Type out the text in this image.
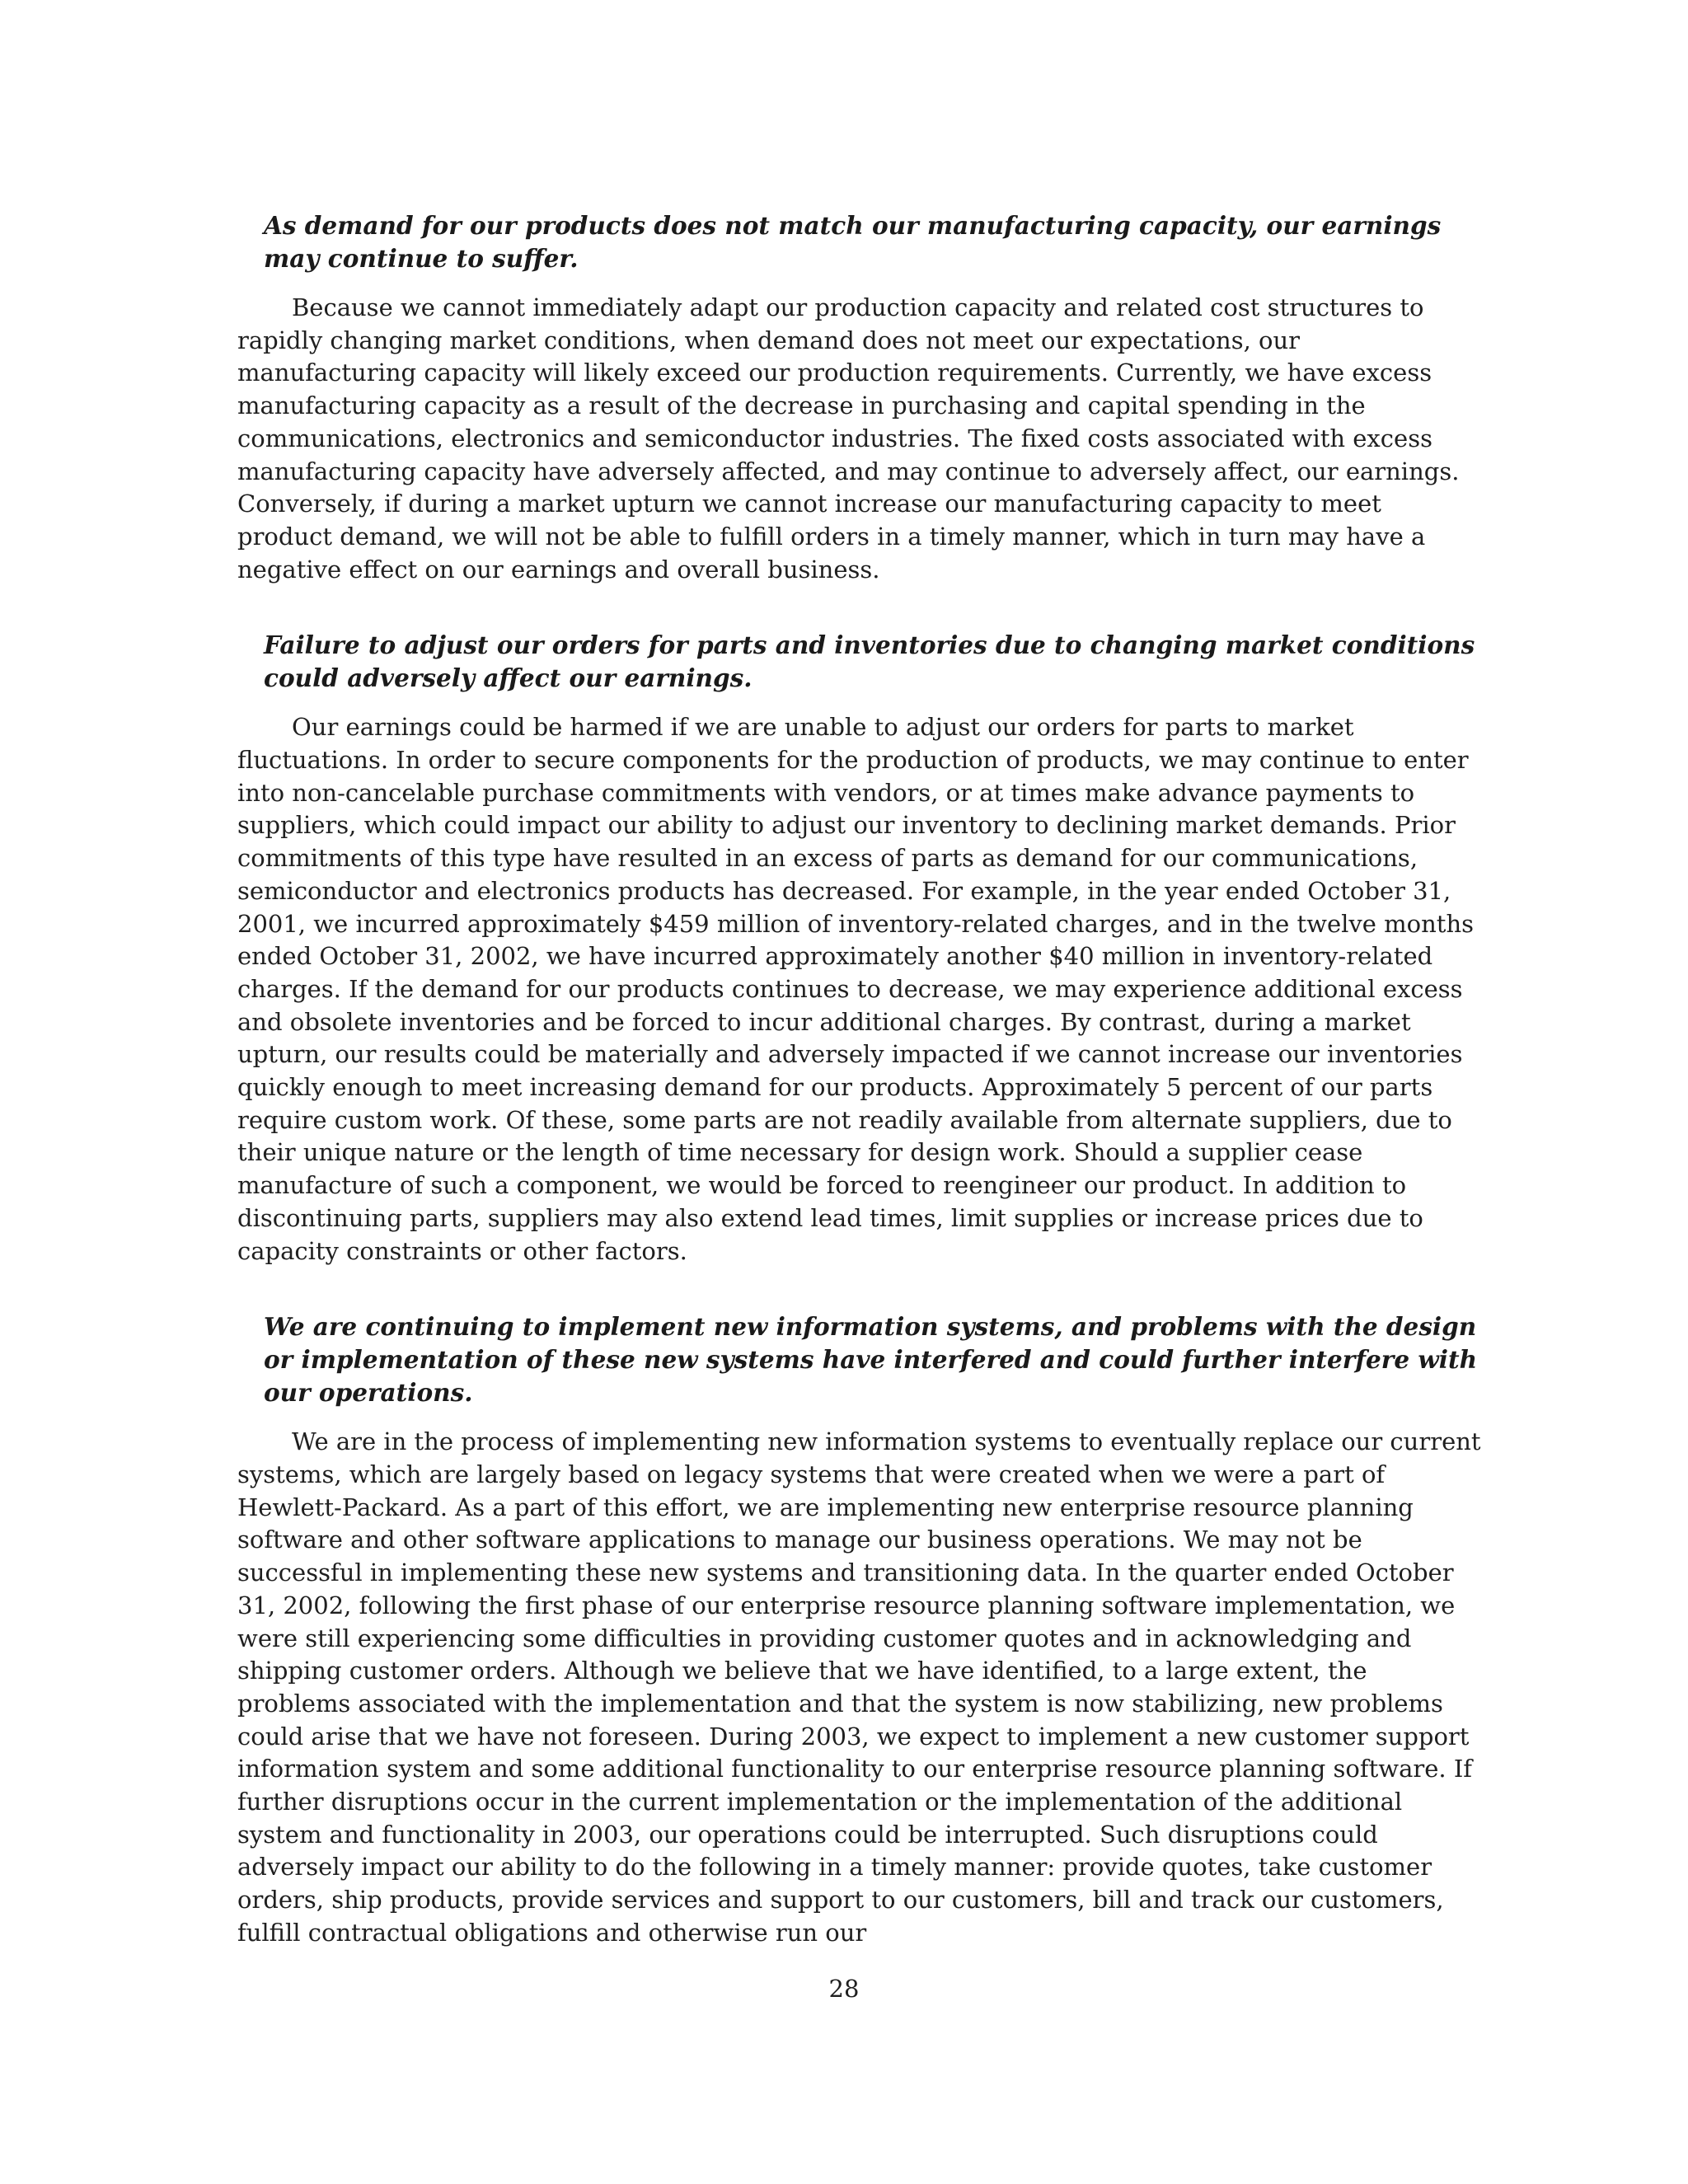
As demand for our products does not match our manufacturing capacity, our earnings may continue to suffer.

Because we cannot immediately adapt our production capacity and related cost structures to rapidly changing market conditions, when demand does not meet our expectations, our manufacturing capacity will likely exceed our production requirements. Currently, we have excess manufacturing capacity as a result of the decrease in purchasing and capital spending in the communications, electronics and semiconductor industries. The fixed costs associated with excess manufacturing capacity have adversely affected, and may continue to adversely affect, our earnings. Conversely, if during a market upturn we cannot increase our manufacturing capacity to meet product demand, we will not be able to fulfill orders in a timely manner, which in turn may have a negative effect on our earnings and overall business.

Failure to adjust our orders for parts and inventories due to changing market conditions could adversely affect our earnings.

Our earnings could be harmed if we are unable to adjust our orders for parts to market fluctuations. In order to secure components for the production of products, we may continue to enter into non-cancelable purchase commitments with vendors, or at times make advance payments to suppliers, which could impact our ability to adjust our inventory to declining market demands. Prior commitments of this type have resulted in an excess of parts as demand for our communications, semiconductor and electronics products has decreased. For example, in the year ended October 31, 2001, we incurred approximately $459 million of inventory-related charges, and in the twelve months ended October 31, 2002, we have incurred approximately another $40 million in inventory-related charges. If the demand for our products continues to decrease, we may experience additional excess and obsolete inventories and be forced to incur additional charges. By contrast, during a market upturn, our results could be materially and adversely impacted if we cannot increase our inventories quickly enough to meet increasing demand for our products. Approximately 5 percent of our parts require custom work. Of these, some parts are not readily available from alternate suppliers, due to their unique nature or the length of time necessary for design work. Should a supplier cease manufacture of such a component, we would be forced to reengineer our product. In addition to discontinuing parts, suppliers may also extend lead times, limit supplies or increase prices due to capacity constraints or other factors.

We are continuing to implement new information systems, and problems with the design or implementation of these new systems have interfered and could further interfere with our operations.

We are in the process of implementing new information systems to eventually replace our current systems, which are largely based on legacy systems that were created when we were a part of Hewlett-Packard. As a part of this effort, we are implementing new enterprise resource planning software and other software applications to manage our business operations. We may not be successful in implementing these new systems and transitioning data. In the quarter ended October 31, 2002, following the first phase of our enterprise resource planning software implementation, we were still experiencing some difficulties in providing customer quotes and in acknowledging and shipping customer orders. Although we believe that we have identified, to a large extent, the problems associated with the implementation and that the system is now stabilizing, new problems could arise that we have not foreseen. During 2003, we expect to implement a new customer support information system and some additional functionality to our enterprise resource planning software. If further disruptions occur in the current implementation or the implementation of the additional system and functionality in 2003, our operations could be interrupted. Such disruptions could adversely impact our ability to do the following in a timely manner: provide quotes, take customer orders, ship products, provide services and support to our customers, bill and track our customers, fulfill contractual obligations and otherwise run our

28
